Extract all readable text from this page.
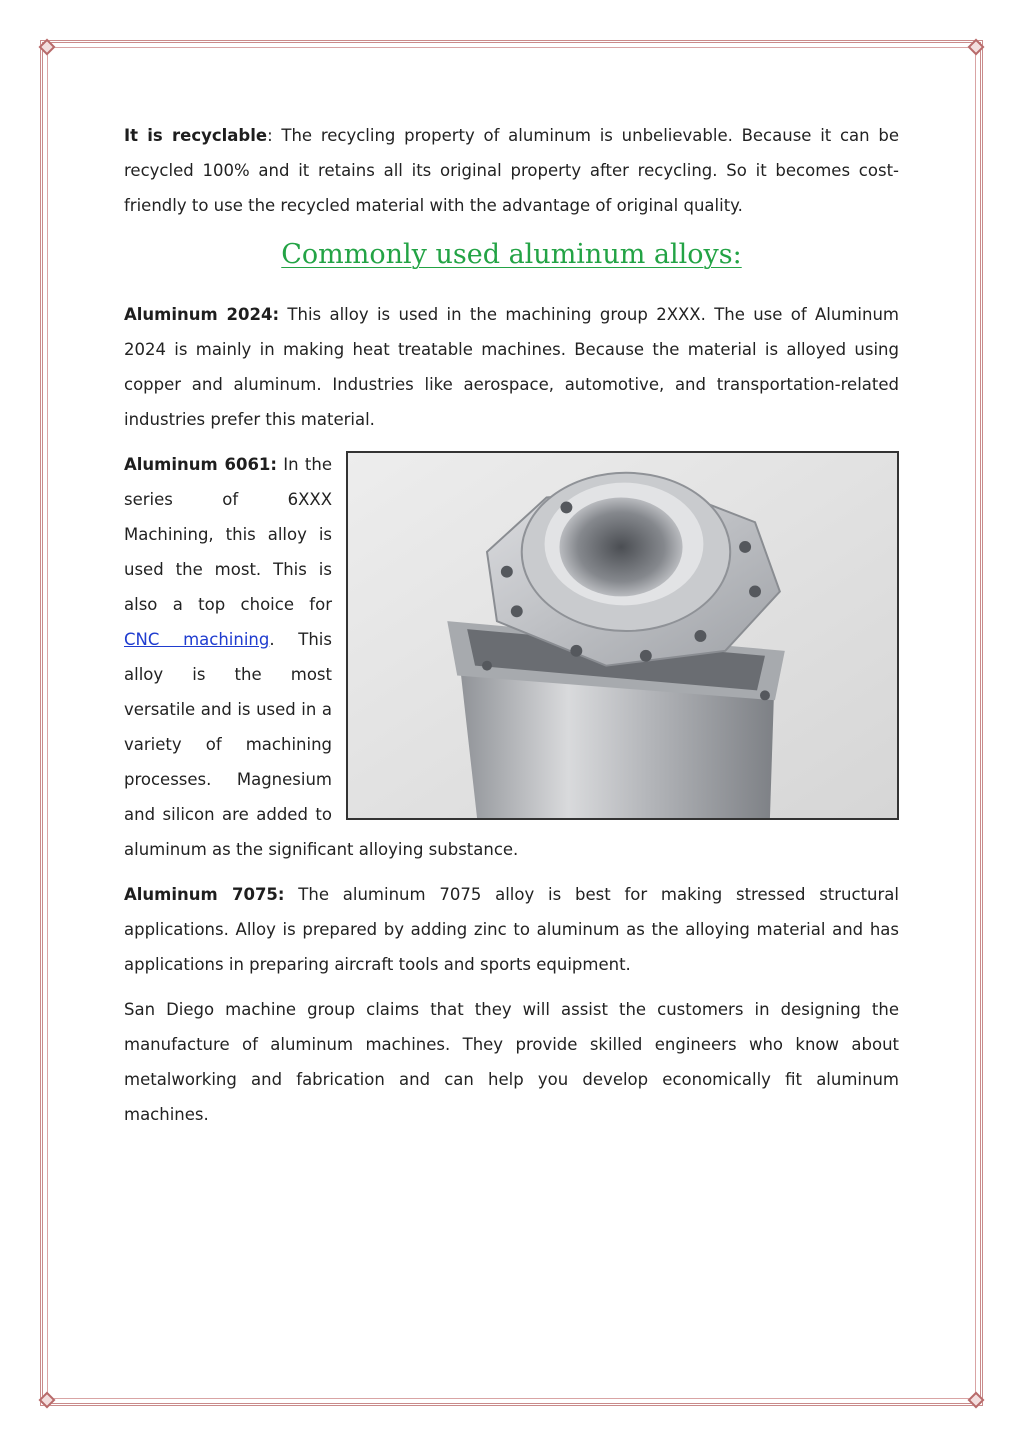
It is recyclable: The recycling property of aluminum is unbelievable. Because it can be recycled 100% and it retains all its original property after recycling. So it becomes cost-friendly to use the recycled material with the advantage of original quality.

Commonly used aluminum alloys:

Aluminum 2024: This alloy is used in the machining group 2XXX. The use of Aluminum 2024 is mainly in making heat treatable machines. Because the material is alloyed using copper and aluminum. Industries like aerospace, automotive, and transportation-related industries prefer this material.

Aluminum 6061: In the series of 6XXX Machining, this alloy is used the most. This is also a top choice for CNC machining. This alloy is the most versatile and is used in a variety of machining processes. Magnesium and silicon are added to aluminum as the significant alloying substance.

Aluminum 7075: The aluminum 7075 alloy is best for making stressed structural applications. Alloy is prepared by adding zinc to aluminum as the alloying material and has applications in preparing aircraft tools and sports equipment.

San Diego machine group claims that they will assist the customers in designing the manufacture of aluminum machines. They provide skilled engineers who know about metalworking and fabrication and can help you develop economically fit aluminum machines.
